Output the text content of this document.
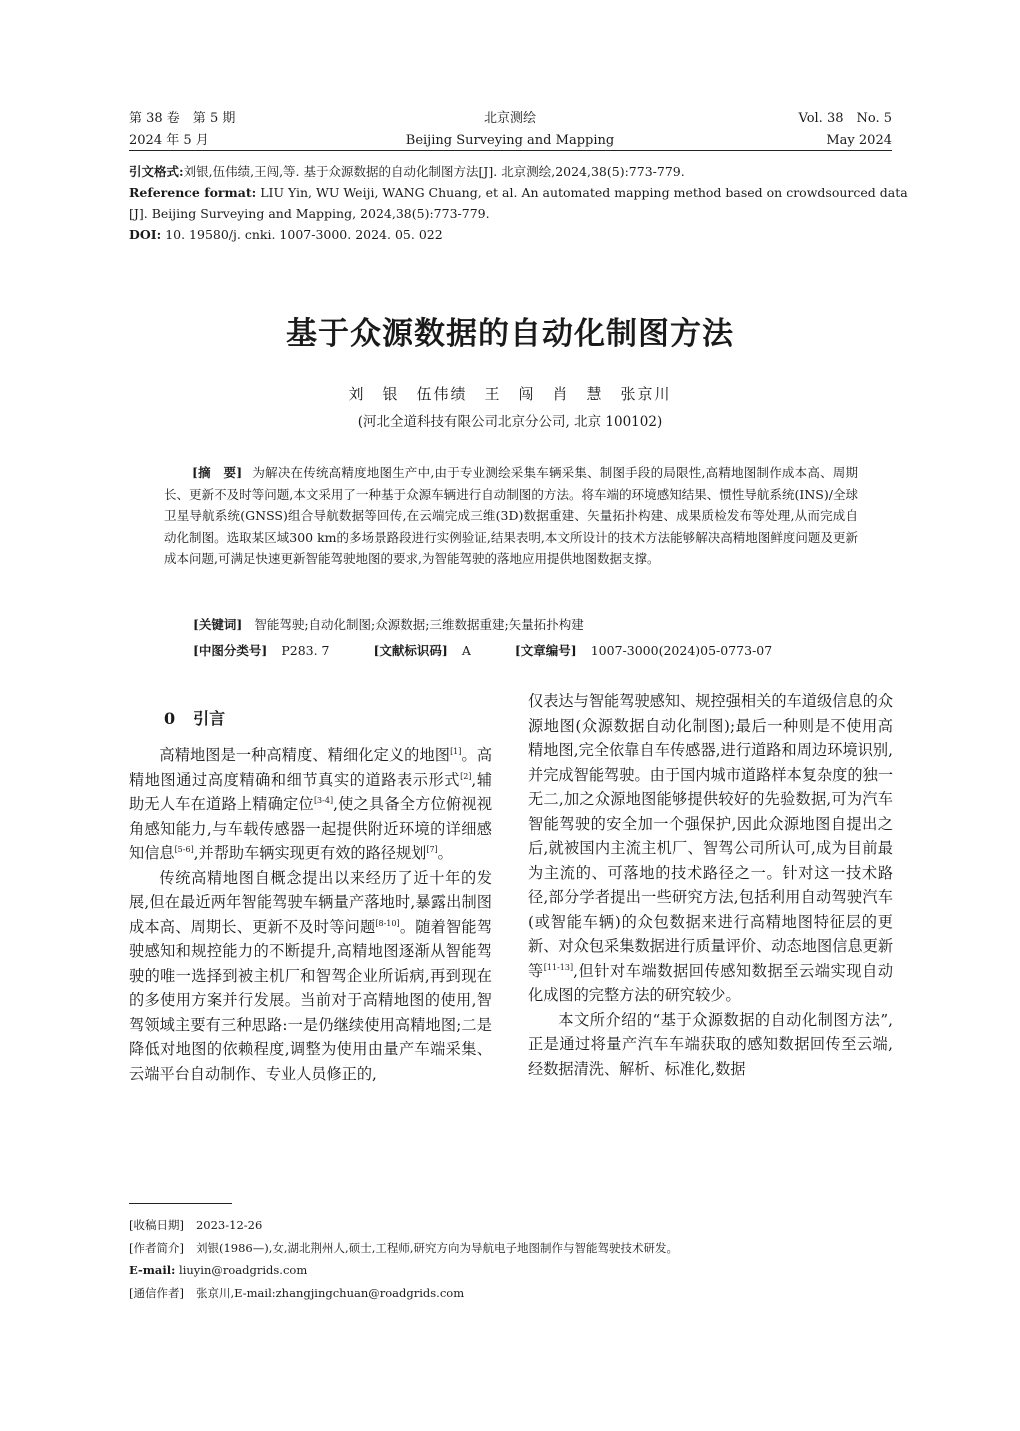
第 38 卷　第 5 期
2024 年 5 月
北京测绘
Beijing Surveying and Mapping
Vol. 38　No. 5
May 2024
引文格式:刘银,伍伟绩,王闯,等. 基于众源数据的自动化制图方法[J]. 北京测绘,2024,38(5):773-779.
Reference format: LIU Yin, WU Weiji, WANG Chuang, et al. An automated mapping method based on crowdsourced data
[J]. Beijing Surveying and Mapping, 2024,38(5):773-779.
DOI: 10. 19580/j. cnki. 1007-3000. 2024. 05. 022
基于众源数据的自动化制图方法
刘　银　伍伟绩　王　闯　肖　慧　张京川
(河北全道科技有限公司北京分公司, 北京 100102)
[摘　要] 为解决在传统高精度地图生产中,由于专业测绘采集车辆采集、制图手段的局限性,高精地图制作成本高、周期长、更新不及时等问题,本文采用了一种基于众源车辆进行自动制图的方法。将车端的环境感知结果、惯性导航系统(INS)/全球卫星导航系统(GNSS)组合导航数据等回传,在云端完成三维(3D)数据重建、矢量拓扑构建、成果质检发布等处理,从而完成自动化制图。选取某区域300 km的多场景路段进行实例验证,结果表明,本文所设计的技术方法能够解决高精地图鲜度问题及更新成本问题,可满足快速更新智能驾驶地图的要求,为智能驾驶的落地应用提供地图数据支撑。
[关键词] 智能驾驶;自动化制图;众源数据;三维数据重建;矢量拓扑构建
[中图分类号] P283. 7	[文献标识码] A	[文章编号] 1007-3000(2024)05-0773-07
0 引言

高精地图是一种高精度、精细化定义的地图[1]。高精地图通过高度精确和细节真实的道路表示形式[2],辅助无人车在道路上精确定位[3-4],使之具备全方位俯视视角感知能力,与车载传感器一起提供附近环境的详细感知信息[5-6],并帮助车辆实现更有效的路径规划[7]。

传统高精地图自概念提出以来经历了近十年的发展,但在最近两年智能驾驶车辆量产落地时,暴露出制图成本高、周期长、更新不及时等问题[8-10]。随着智能驾驶感知和规控能力的不断提升,高精地图逐渐从智能驾驶的唯一选择到被主机厂和智驾企业所诟病,再到现在的多使用方案并行发展。当前对于高精地图的使用,智驾领域主要有三种思路:一是仍继续使用高精地图;二是降低对地图的依赖程度,调整为使用由量产车端采集、云端平台自动制作、专业人员修正的,

仅表达与智能驾驶感知、规控强相关的车道级信息的众源地图(众源数据自动化制图);最后一种则是不使用高精地图,完全依靠自车传感器,进行道路和周边环境识别,并完成智能驾驶。由于国内城市道路样本复杂度的独一无二,加之众源地图能够提供较好的先验数据,可为汽车智能驾驶的安全加一个强保护,因此众源地图自提出之后,就被国内主流主机厂、智驾公司所认可,成为目前最为主流的、可落地的技术路径之一。针对这一技术路径,部分学者提出一些研究方法,包括利用自动驾驶汽车(或智能车辆)的众包数据来进行高精地图特征层的更新、对众包采集数据进行质量评价、动态地图信息更新等[11-13],但针对车端数据回传感知数据至云端实现自动化成图的完整方法的研究较少。

本文所介绍的“基于众源数据的自动化制图方法”,正是通过将量产汽车车端获取的感知数据回传至云端,经数据清洗、解析、标准化,数据

[收稿日期] 2023-12-26
[作者简介] 刘银(1986—),女,湖北荆州人,硕士,工程师,研究方向为导航电子地图制作与智能驾驶技术研发。
E-mail: liuyin@roadgrids.com
[通信作者] 张京川,E-mail:zhangjingchuan@roadgrids.com
